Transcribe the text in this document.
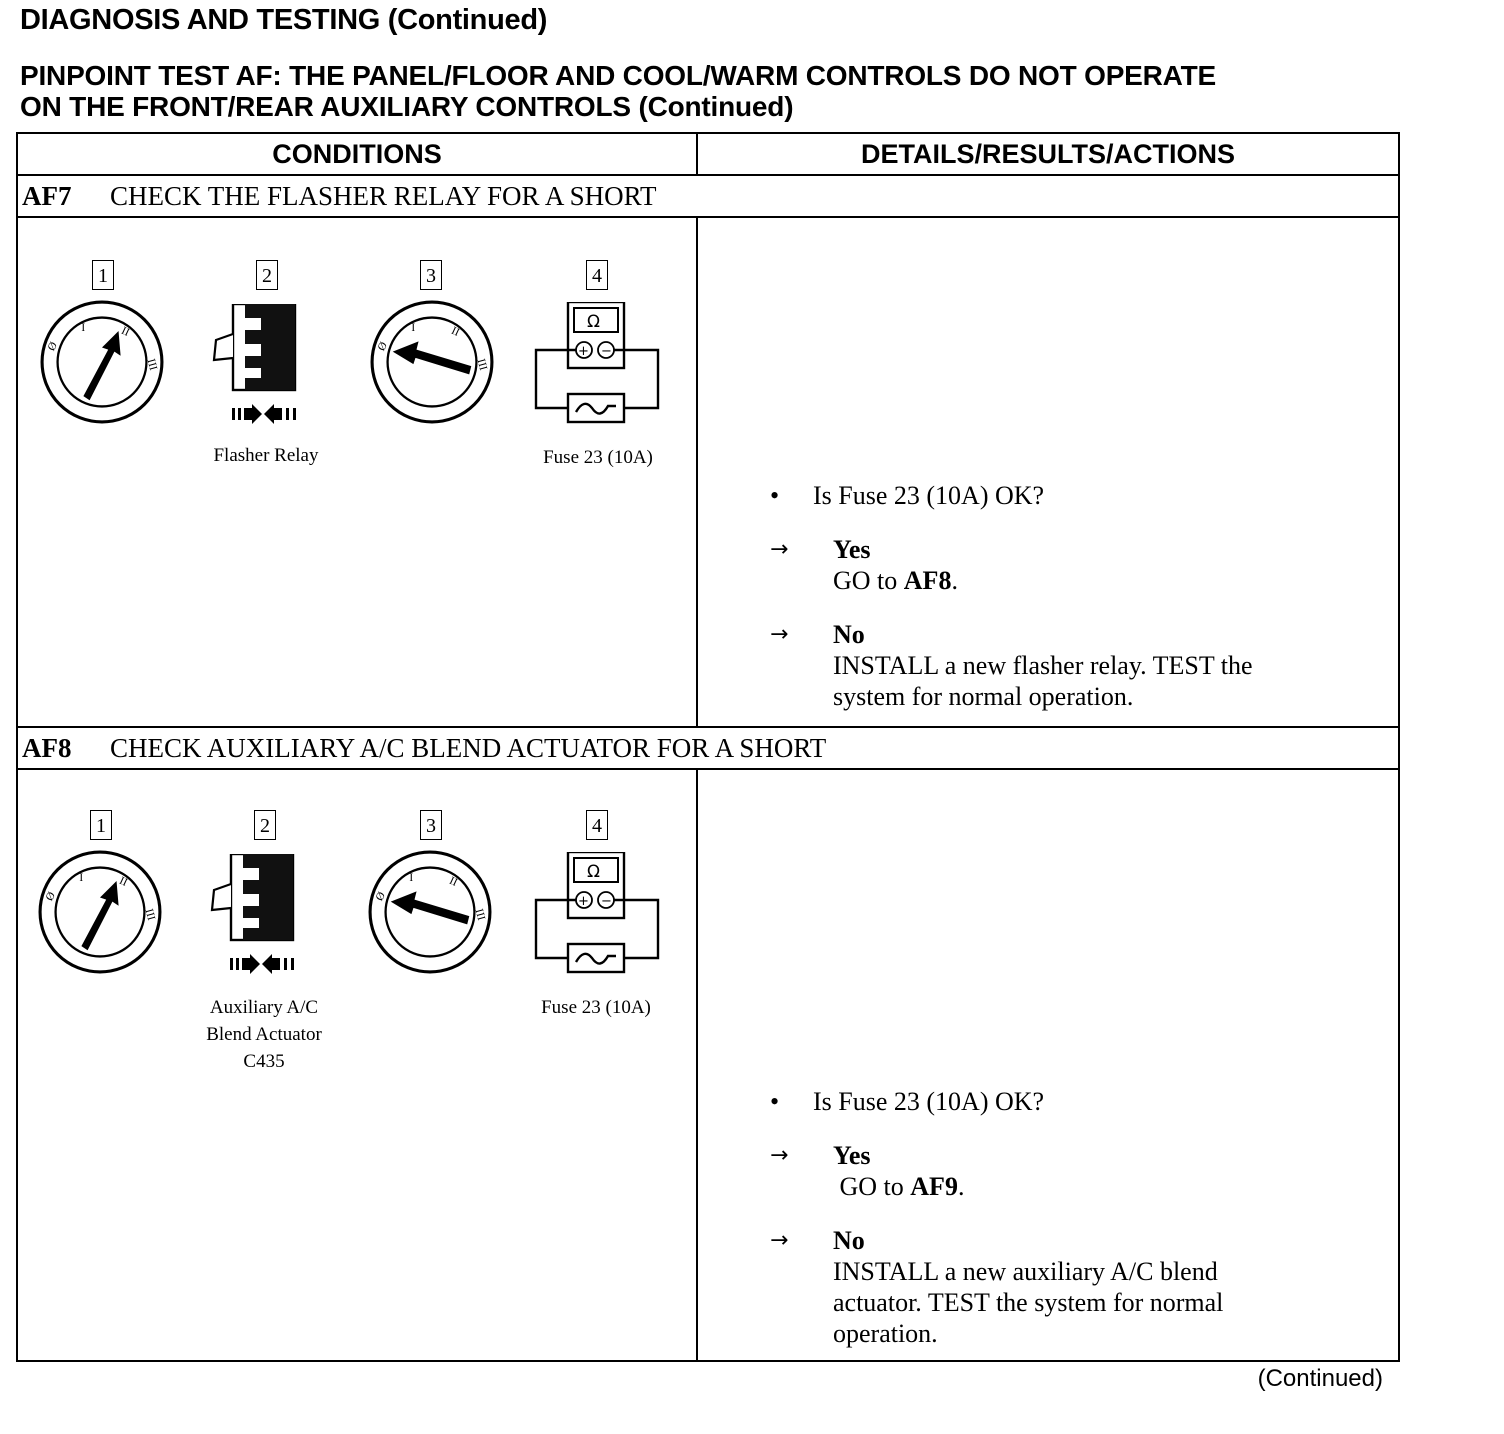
DIAGNOSIS AND TESTING (Continued)
PINPOINT TEST AF: THE PANEL/FLOOR AND COOL/WARM CONTROLS DO NOT OPERATE
ON THE FRONT/REAR AUXILIARY CONTROLS (Continued)
CONDITIONS	DETAILS/RESULTS/ACTIONS
AF7	CHECK THE FLASHER RELAY FOR A SHORT
1	2	3	4
Flasher Relay	Fuse 23 (10A)
•	Is Fuse 23 (10A) OK?
→	Yes
GO to AF8.
→	No
INSTALL a new flasher relay. TEST the
system for normal operation.
AF8	CHECK AUXILIARY A/C BLEND ACTUATOR FOR A SHORT
1	2	3	4
Auxiliary A/C
Blend Actuator
C435
Fuse 23 (10A)
•	Is Fuse 23 (10A) OK?
→	Yes
GO to AF9.
→	No
INSTALL a new auxiliary A/C blend
actuator. TEST the system for normal
operation.
(Continued)
